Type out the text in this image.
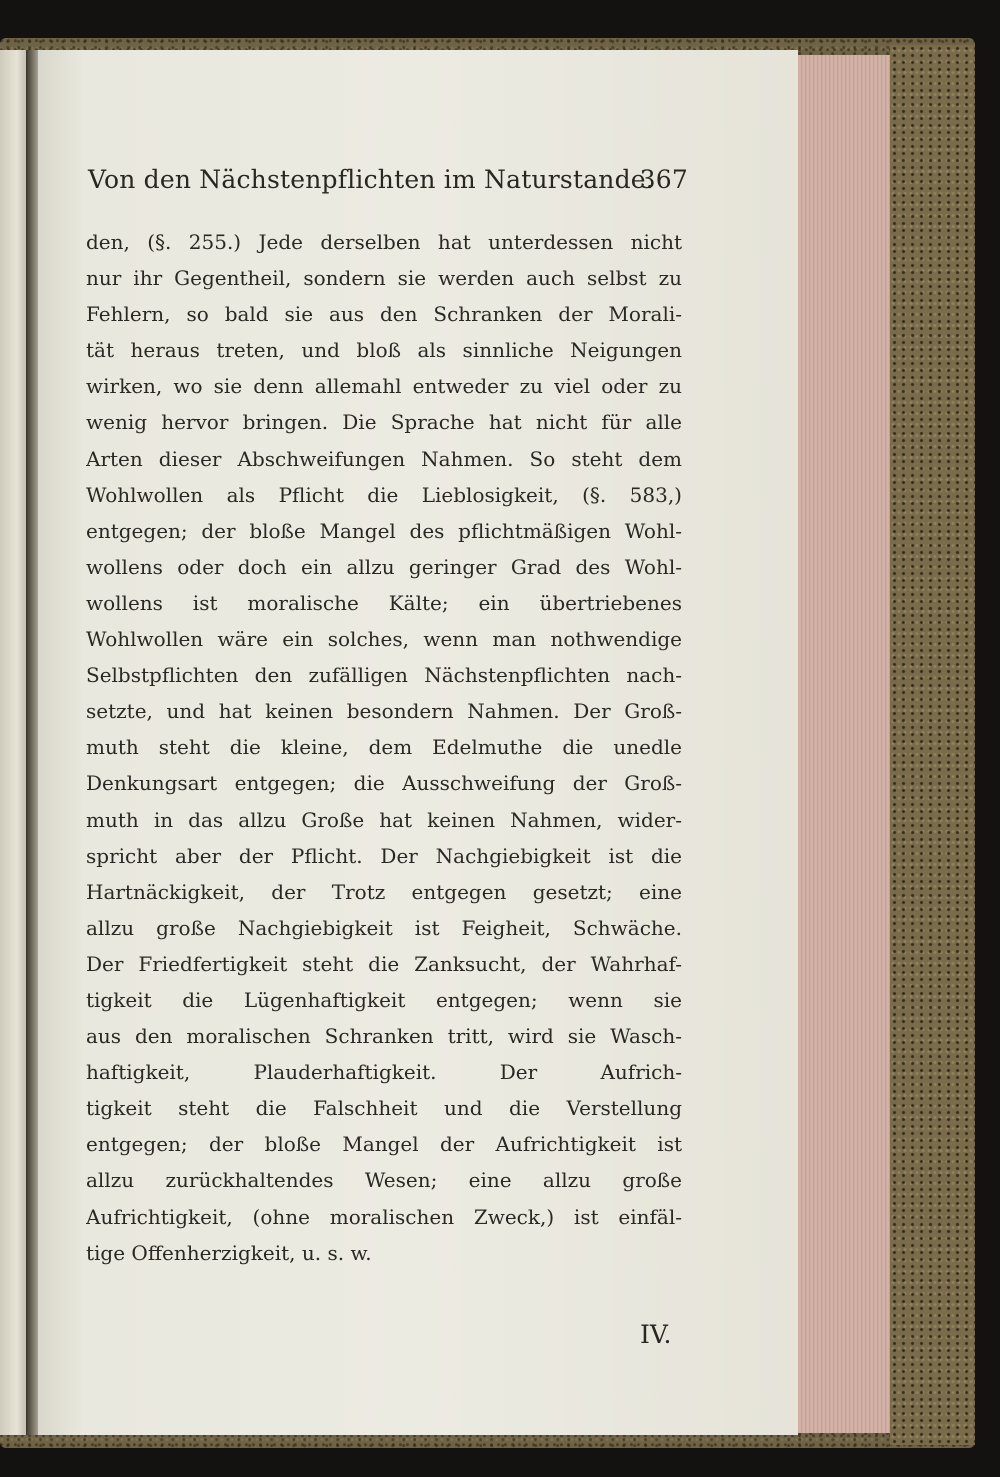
Von den Nächstenpflichten im Naturstande.
367
den, (§. 255.) Jede derselben hat unterdessen nicht
nur ihr Gegentheil, sondern sie werden auch selbst zu
Fehlern, so bald sie aus den Schranken der Morali-
tät heraus treten, und bloß als sinnliche Neigungen
wirken, wo sie denn allemahl entweder zu viel oder zu
wenig hervor bringen. Die Sprache hat nicht für alle
Arten dieser Abschweifungen Nahmen. So steht dem
Wohlwollen als Pflicht die Lieblosigkeit, (§. 583,)
entgegen; der bloße Mangel des pflichtmäßigen Wohl-
wollens oder doch ein allzu geringer Grad des Wohl-
wollens ist moralische Kälte; ein übertriebenes
Wohlwollen wäre ein solches, wenn man nothwendige
Selbstpflichten den zufälligen Nächstenpflichten nach-
setzte, und hat keinen besondern Nahmen. Der Groß-
muth steht die kleine, dem Edelmuthe die unedle
Denkungsart entgegen; die Ausschweifung der Groß-
muth in das allzu Große hat keinen Nahmen, wider-
spricht aber der Pflicht. Der Nachgiebigkeit ist die
Hartnäckigkeit, der Trotz entgegen gesetzt; eine
allzu große Nachgiebigkeit ist Feigheit, Schwäche.
Der Friedfertigkeit steht die Zanksucht, der Wahrhaf-
tigkeit die Lügenhaftigkeit entgegen; wenn sie
aus den moralischen Schranken tritt, wird sie Wasch-
haftigkeit, Plauderhaftigkeit. Der Aufrich-
tigkeit steht die Falschheit und die Verstellung
entgegen; der bloße Mangel der Aufrichtigkeit ist
allzu zurückhaltendes Wesen; eine allzu große
Aufrichtigkeit, (ohne moralischen Zweck,) ist einfäl-
tige Offenherzigkeit, u. s. w.
IV.
